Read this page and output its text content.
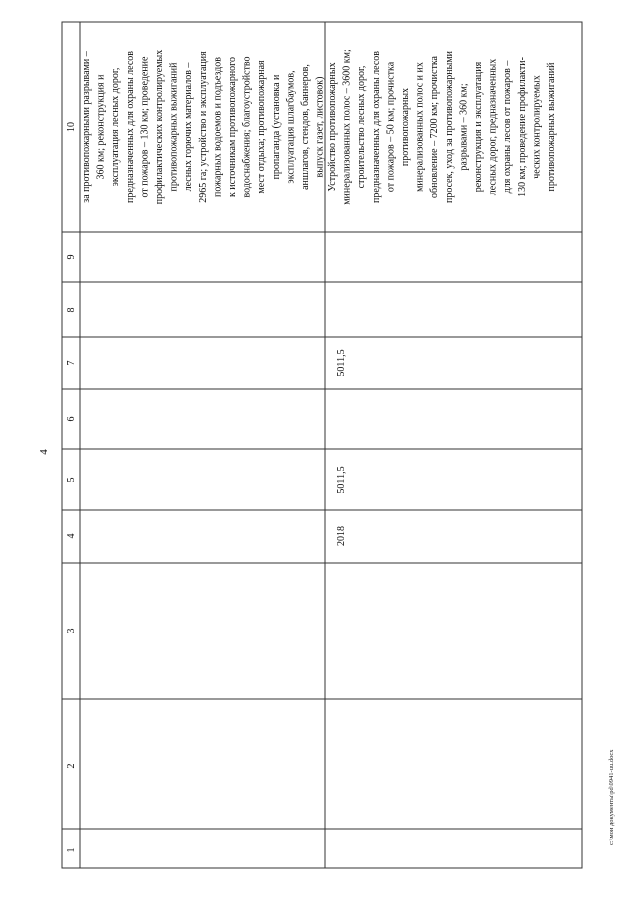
4
1
2
3
4
5
6
7
8
9
10
2018
5011,5
5011,5
за противопожарными разрывами – 360 км; реконструкция и эксплуатация лесных дорог, предназначенных для охраны лесов от пожаров – 130 км; проведение профилактических контролируемых противопожарных выжиганий лесных горючих материалов – 2965 га; устройство и эксплуатация пожарных водоемов и подъездов к источникам противопожарного водоснабжения; благоустройство мест отдыха; противопожарная пропаганда (установка и эксплуатация шлагбаумов, аншлагов, стендов, баннеров, выпуск газет, листовок) Устройство противопожарных минерализованных полос – 3600 км; строительство лесных дорог, предназначенных для охраны лесов от пожаров – 50 км; прочистка противопожарных минерализованных полос и их обновление – 7200 км; прочистка просек, уход за противопожарными разрывами – 360 км; реконструкция и эксплуатация лесных дорог, предназначенных для охраны лесов от пожаров – 130 км; проведение профилакти- ческих контролируемых противопожарных выжиганий
c:\мои документы\pd\0941-uu.docx
